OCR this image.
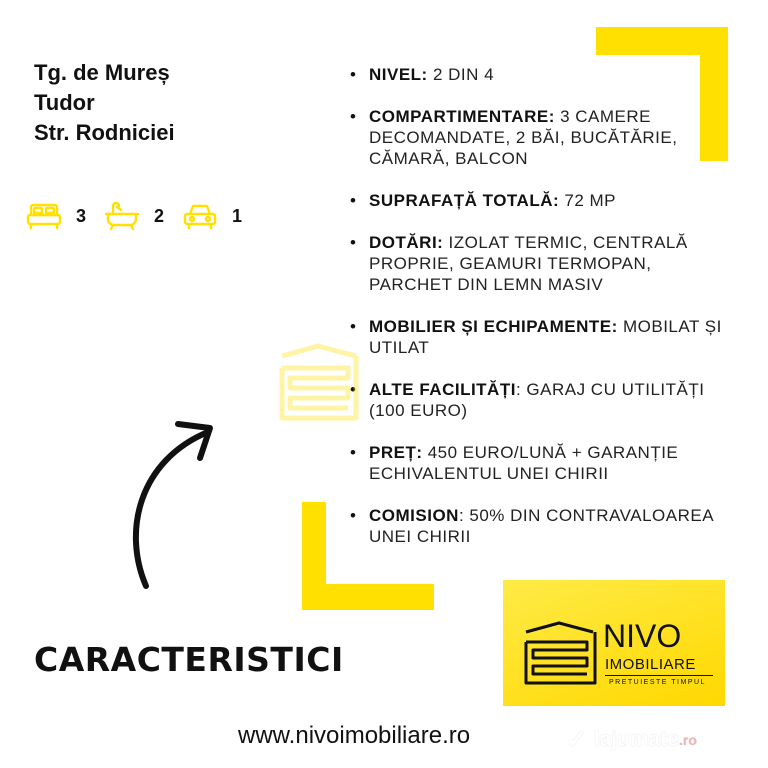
Tg. de Mureș
Tudor
Str. Rodniciei
3	2	1
• NIVEL: 2 DIN 4
• COMPARTIMENTARE: 3 CAMERE DECOMANDATE, 2 BĂI, BUCĂTĂRIE, CĂMARĂ, BALCON
• SUPRAFAȚĂ TOTALĂ: 72 MP
• DOTĂRI: IZOLAT TERMIC, CENTRALĂ PROPRIE, GEAMURI TERMOPAN, PARCHET DIN LEMN MASIV
• MOBILIER ȘI ECHIPAMENTE: MOBILAT ȘI UTILAT
• ALTE FACILITĂȚI: GARAJ CU UTILITĂȚI (100 EURO)
• PREȚ: 450 EURO/LUNĂ + GARANȚIE ECHIVALENTUL UNEI CHIRII
• COMISION: 50% DIN CONTRAVALOAREA UNEI CHIRII
CARACTERISTICI
www.nivoimobiliare.ro
NIVO
IMOBILIARE
PRETUIESTE TIMPUL
✓ lajumate .ro
